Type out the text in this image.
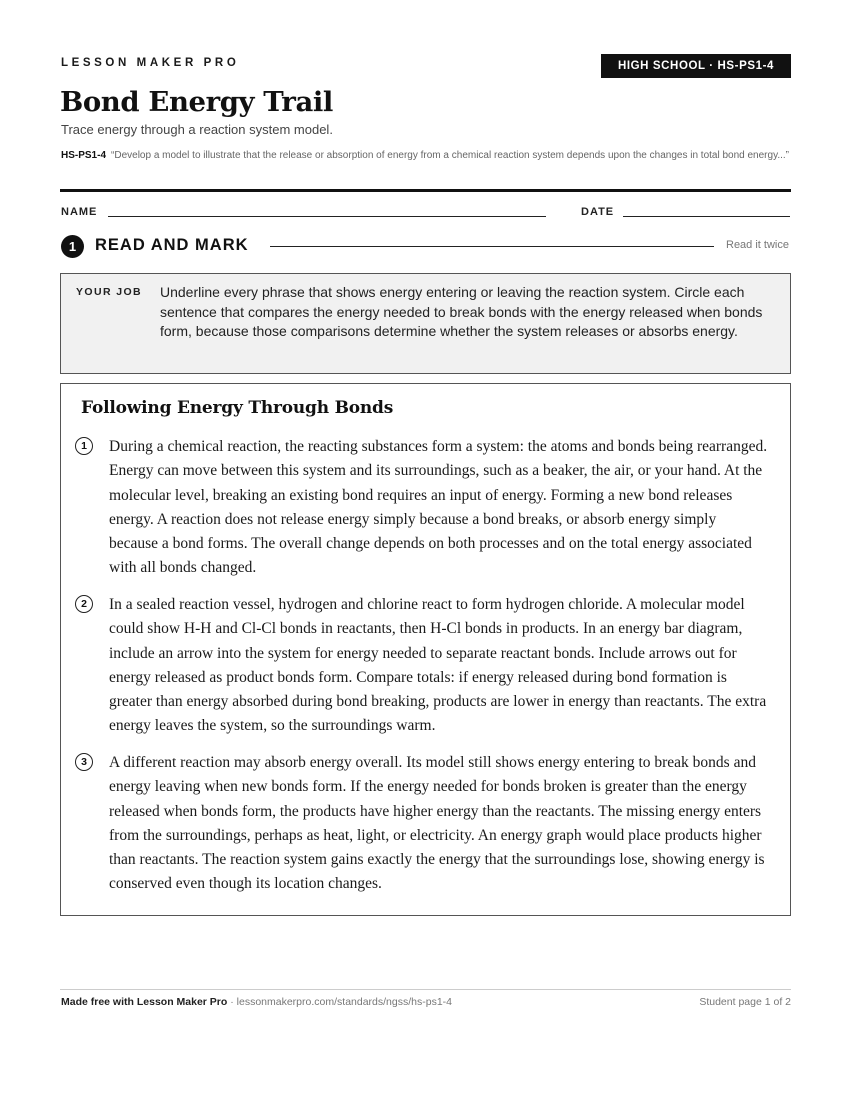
LESSON MAKER PRO	HIGH SCHOOL · HS-PS1-4
Bond Energy Trail
Trace energy through a reaction system model.
HS-PS1-4 “Develop a model to illustrate that the release or absorption of energy from a chemical reaction system depends upon the changes in total bond energy...”
NAME	DATE
1	READ AND MARK	Read it twice
YOUR JOB Underline every phrase that shows energy entering or leaving the reaction system. Circle each sentence that compares the energy needed to break bonds with the energy released when bonds form, because those comparisons determine whether the system releases or absorbs energy.
Following Energy Through Bonds
1	During a chemical reaction, the reacting substances form a system: the atoms and bonds being rearranged. Energy can move between this system and its surroundings, such as a beaker, the air, or your hand. At the molecular level, breaking an existing bond requires an input of energy. Forming a new bond releases energy. A reaction does not release energy simply because a bond breaks, or absorb energy simply because a bond forms. The overall change depends on both processes and on the total energy associated with all bonds changed.

2	In a sealed reaction vessel, hydrogen and chlorine react to form hydrogen chloride. A molecular model could show H-H and Cl-Cl bonds in reactants, then H-Cl bonds in products. In an energy bar diagram, include an arrow into the system for energy needed to separate reactant bonds. Include arrows out for energy released as product bonds form. Compare totals: if energy released during bond formation is greater than energy absorbed during bond breaking, products are lower in energy than reactants. The extra energy leaves the system, so the surroundings warm.

3	A different reaction may absorb energy overall. Its model still shows energy entering to break bonds and energy leaving when new bonds form. If the energy needed for bonds broken is greater than the energy released when bonds form, the products have higher energy than the reactants. The missing energy enters from the surroundings, perhaps as heat, light, or electricity. An energy graph would place products higher than reactants. The reaction system gains exactly the energy that the surroundings lose, showing energy is conserved even though its location changes.

Made free with Lesson Maker Pro · lessonmakerpro.com/standards/ngss/hs-ps1-4	Student page 1 of 2
